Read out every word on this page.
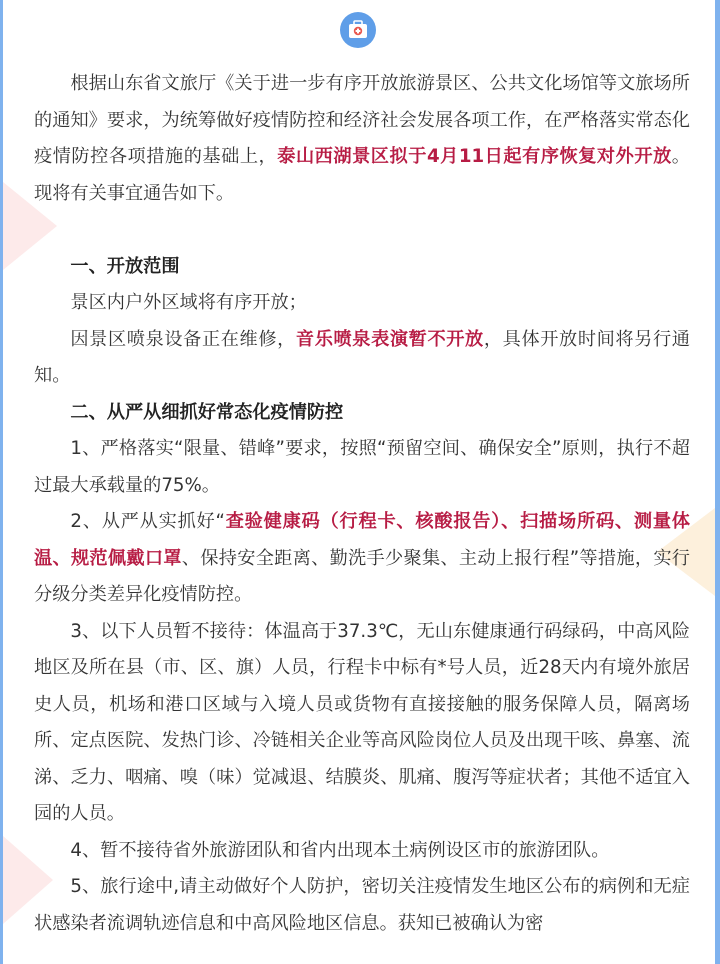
根据山东省文旅厅《关于进一步有序开放旅游景区、公共文化场馆等文旅场所的通知》要求，为统筹做好疫情防控和经济社会发展各项工作，在严格落实常态化疫情防控各项措施的基础上，泰山西湖景区拟于4月11日起有序恢复对外开放。现将有关事宜通告如下。

一、开放范围

景区内户外区域将有序开放；

因景区喷泉设备正在维修，音乐喷泉表演暂不开放，具体开放时间将另行通知。

二、从严从细抓好常态化疫情防控

1、严格落实“限量、错峰”要求，按照“预留空间、确保安全”原则，执行不超过最大承载量的75%。

2、从严从实抓好“查验健康码（行程卡、核酸报告）、扫描场所码、测量体温、规范佩戴口罩、保持安全距离、勤洗手少聚集、主动上报行程”等措施，实行分级分类差异化疫情防控。

3、以下人员暂不接待：体温高于37.3℃，无山东健康通行码绿码，中高风险地区及所在县（市、区、旗）人员，行程卡中标有*号人员，近28天内有境外旅居史人员，机场和港口区域与入境人员或货物有直接接触的服务保障人员，隔离场所、定点医院、发热门诊、冷链相关企业等高风险岗位人员及出现干咳、鼻塞、流涕、乏力、咽痛、嗅（味）觉减退、结膜炎、肌痛、腹泻等症状者；其他不适宜入园的人员。

4、暂不接待省外旅游团队和省内出现本土病例设区市的旅游团队。

5、旅行途中,请主动做好个人防护，密切关注疫情发生地区公布的病例和无症状感染者流调轨迹信息和中高风险地区信息。获知已被确认为密
